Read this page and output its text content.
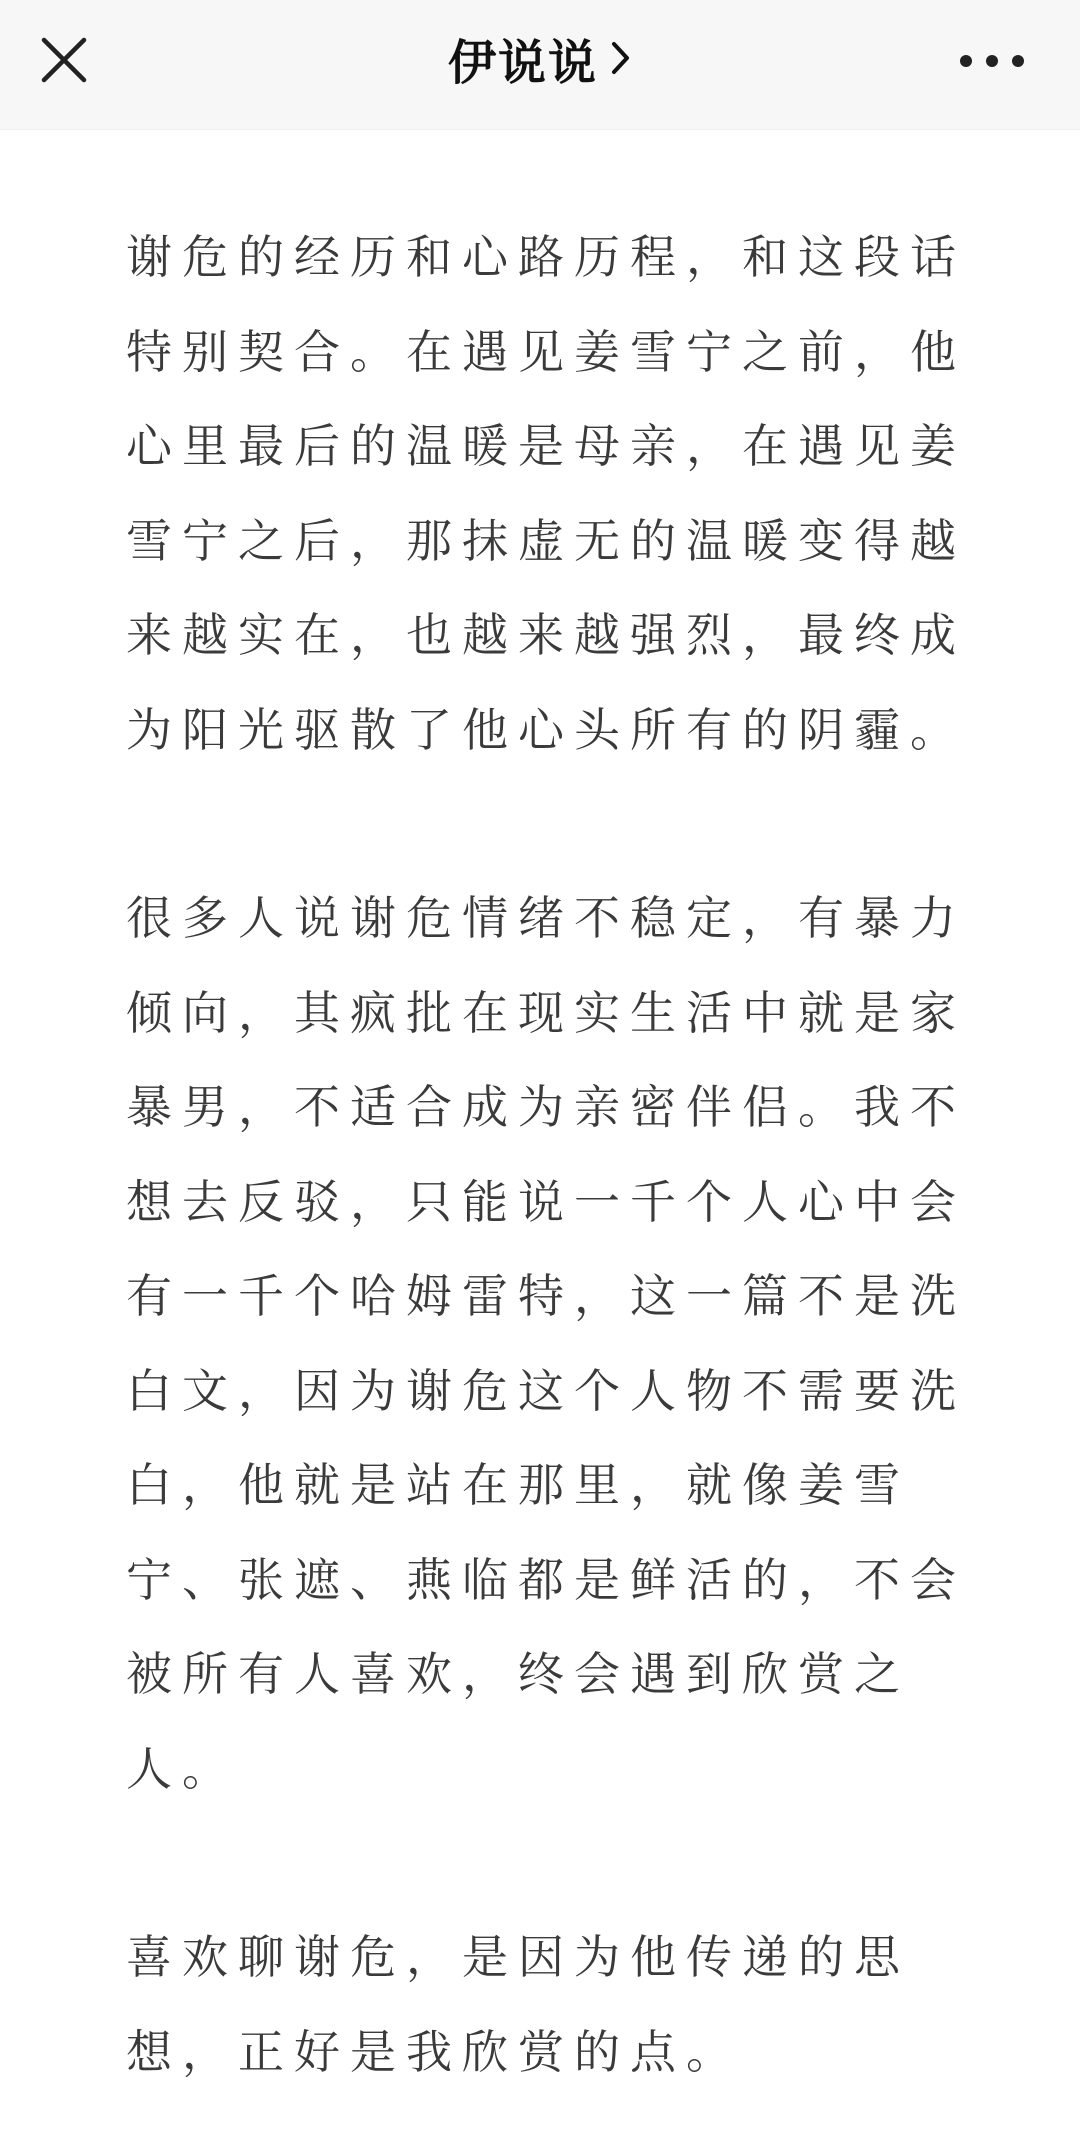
伊说说

谢危的经历和心路历程，和这段话
特别契合。在遇见姜雪宁之前，他
心里最后的温暖是母亲，在遇见姜
雪宁之后，那抹虚无的温暖变得越
来越实在，也越来越强烈，最终成
为阳光驱散了他心头所有的阴霾。

很多人说谢危情绪不稳定，有暴力
倾向，其疯批在现实生活中就是家
暴男，不适合成为亲密伴侣。我不
想去反驳，只能说一千个人心中会
有一千个哈姆雷特，这一篇不是洗
白文，因为谢危这个人物不需要洗
白，他就是站在那里，就像姜雪
宁、张遮、燕临都是鲜活的，不会
被所有人喜欢，终会遇到欣赏之
人。

喜欢聊谢危，是因为他传递的思
想，正好是我欣赏的点。
